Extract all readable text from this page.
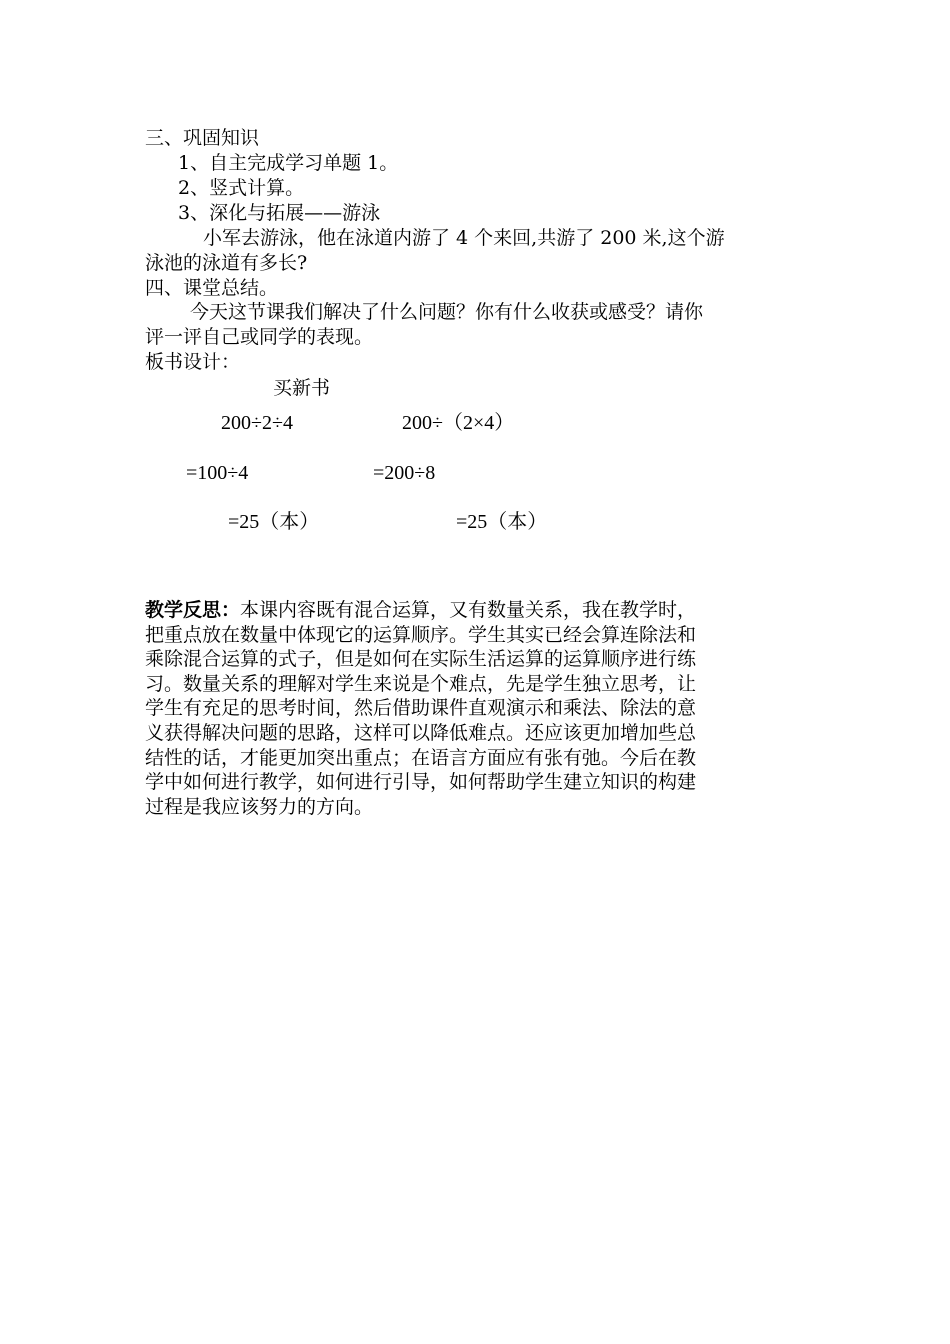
三、巩固知识
1、自主完成学习单题 1。
2、竖式计算。
3、深化与拓展——游泳
小军去游泳，他在泳道内游了 4 个来回,共游了 200 米,这个游
泳池的泳道有多长?
四、课堂总结。
今天这节课我们解决了什么问题？你有什么收获或感受？请你
评一评自己或同学的表现。
板书设计：
买新书
200÷2÷4	200÷（2×4）
=100÷4	=200÷8
=25（本）	=25（本）
教学反思：本课内容既有混合运算，又有数量关系，我在教学时，
把重点放在数量中体现它的运算顺序。学生其实已经会算连除法和
乘除混合运算的式子，但是如何在实际生活运算的运算顺序进行练
习。数量关系的理解对学生来说是个难点，先是学生独立思考，让
学生有充足的思考时间，然后借助课件直观演示和乘法、除法的意
义获得解决问题的思路，这样可以降低难点。还应该更加增加些总
结性的话，才能更加突出重点；在语言方面应有张有弛。今后在教
学中如何进行教学，如何进行引导，如何帮助学生建立知识的构建
过程是我应该努力的方向。
